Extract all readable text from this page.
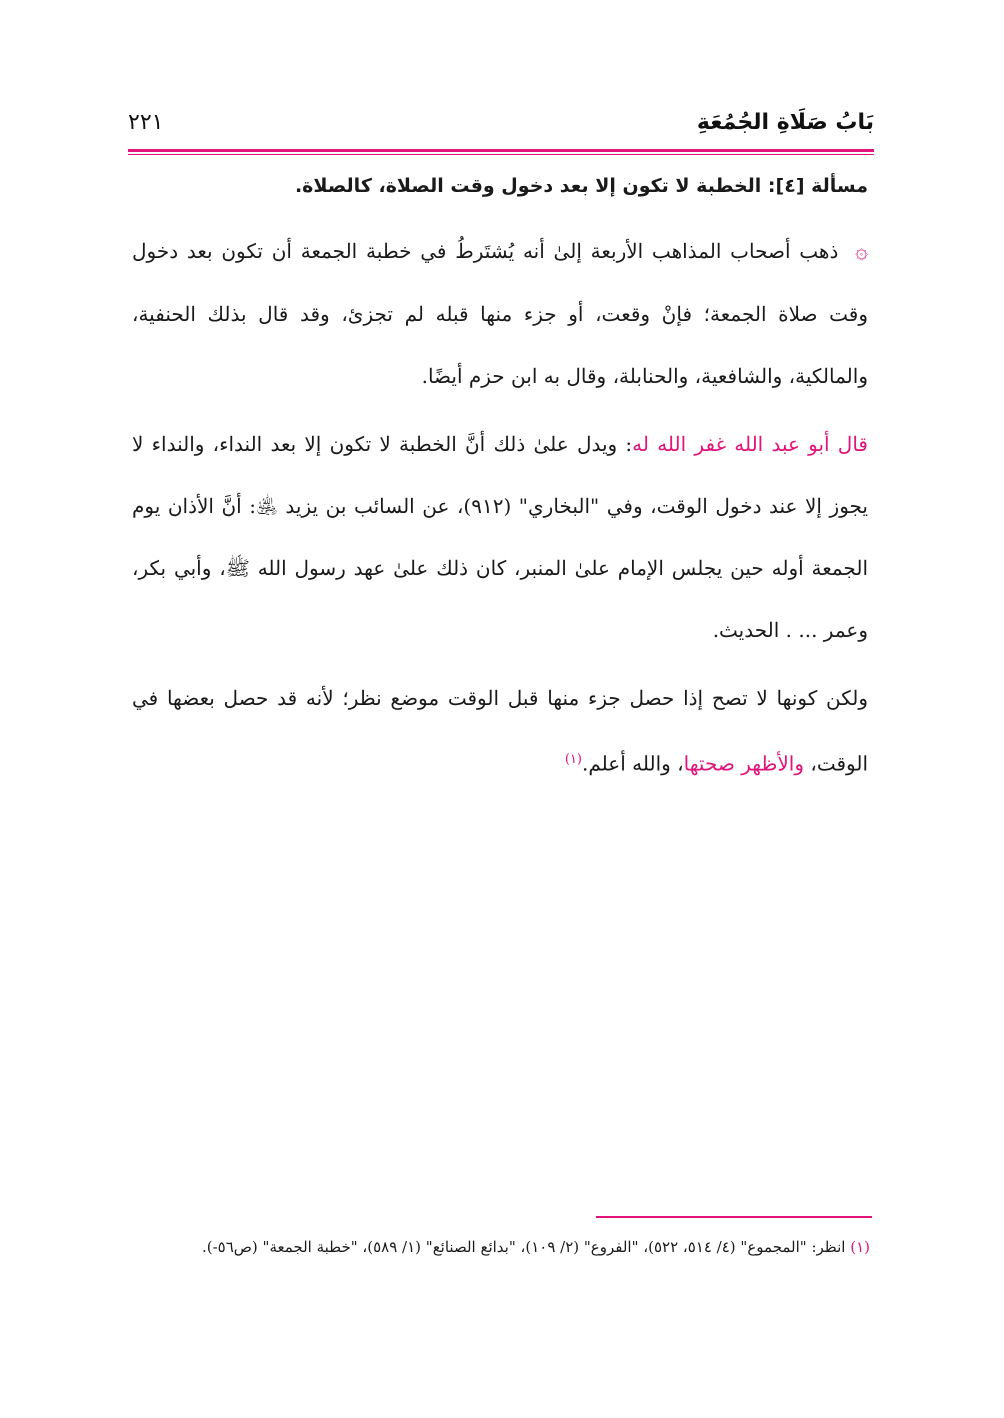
بَابُ صَلَاةِ الجُمُعَةِ
٢٢١

مسألة [٤]: الخطبة لا تكون إلا بعد دخول وقت الصلاة، كالصلاة.

۞ ذهب أصحاب المذاهب الأربعة إلىٰ أنه يُشتَرطُ في خطبة الجمعة أن تكون بعد دخول وقت صلاة الجمعة؛ فإنْ وقعت، أو جزء منها قبله لم تجزئ، وقد قال بذلك الحنفية، والمالكية، والشافعية، والحنابلة، وقال به ابن حزم أيضًا.

قال أبو عبد الله غفر الله له: ويدل علىٰ ذلك أنَّ الخطبة لا تكون إلا بعد النداء، والنداء لا يجوز إلا عند دخول الوقت، وفي "البخاري" (٩١٢)، عن السائب بن يزيد ﵁: أنَّ الأذان يوم الجمعة أوله حين يجلس الإمام علىٰ المنبر، كان ذلك علىٰ عهد رسول الله ﷺ، وأبي بكر، وعمر ... . الحديث.

ولكن كونها لا تصح إذا حصل جزء منها قبل الوقت موضع نظر؛ لأنه قد حصل بعضها في الوقت، والأظهر صحتها، والله أعلم.$^{(١)}$

(١) انظر: "المجموع" (٤/ ٥١٤، ٥٢٢)، "الفروع" (٢/ ١٠٩)، "بدائع الصنائع" (١/ ٥٨٩)، "خطبة الجمعة" (ص٥٦-).
